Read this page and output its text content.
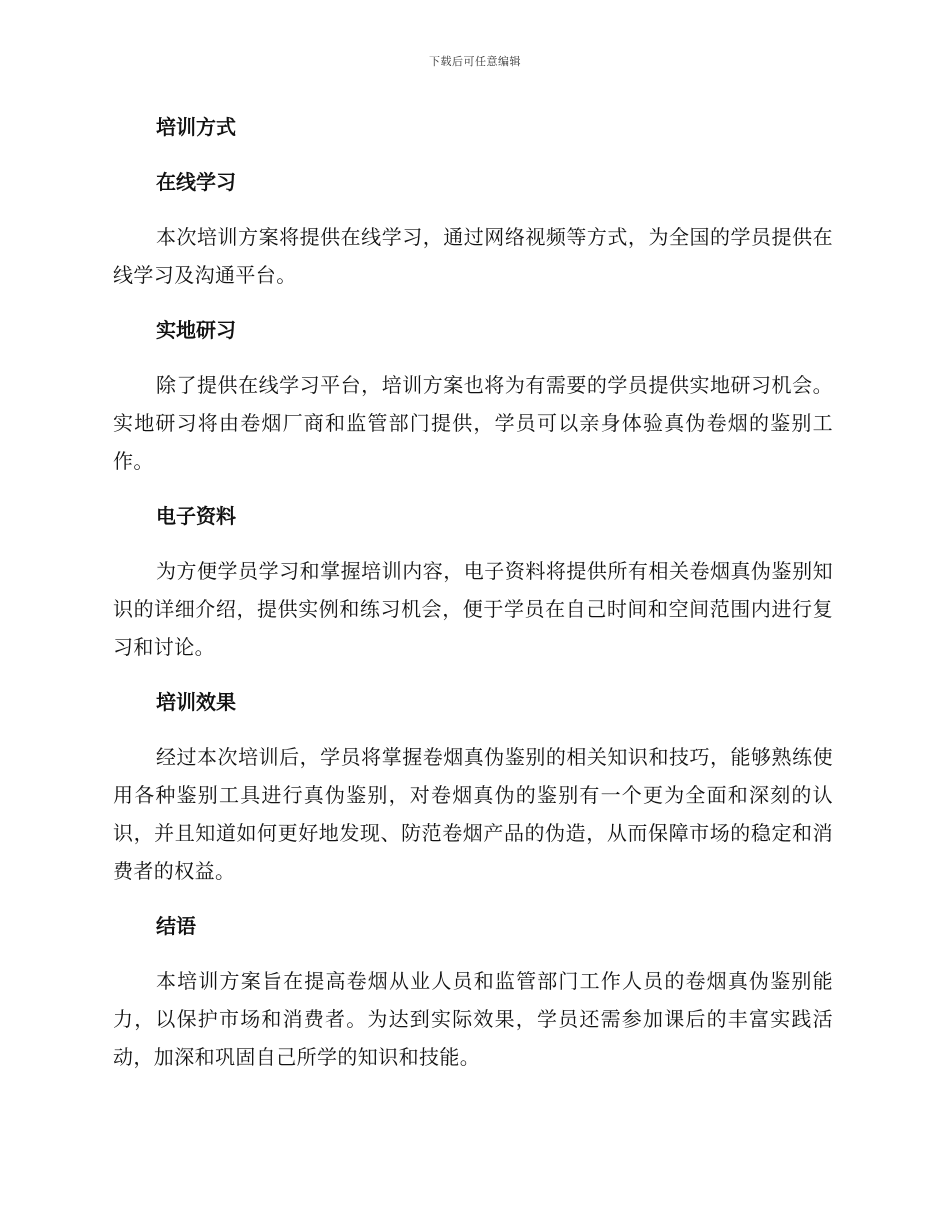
下载后可任意编辑
培训方式
在线学习

本次培训方案将提供在线学习，通过网络视频等方式，为全国的学员提供在线学习及沟通平台。

实地研习

除了提供在线学习平台，培训方案也将为有需要的学员提供实地研习机会。实地研习将由卷烟厂商和监管部门提供，学员可以亲身体验真伪卷烟的鉴别工作。

电子资料

为方便学员学习和掌握培训内容，电子资料将提供所有相关卷烟真伪鉴别知识的详细介绍，提供实例和练习机会，便于学员在自己时间和空间范围内进行复习和讨论。

培训效果

经过本次培训后，学员将掌握卷烟真伪鉴别的相关知识和技巧，能够熟练使用各种鉴别工具进行真伪鉴别，对卷烟真伪的鉴别有一个更为全面和深刻的认识，并且知道如何更好地发现、防范卷烟产品的伪造，从而保障市场的稳定和消费者的权益。

结语

本培训方案旨在提高卷烟从业人员和监管部门工作人员的卷烟真伪鉴别能力，以保护市场和消费者。为达到实际效果，学员还需参加课后的丰富实践活动，加深和巩固自己所学的知识和技能。
